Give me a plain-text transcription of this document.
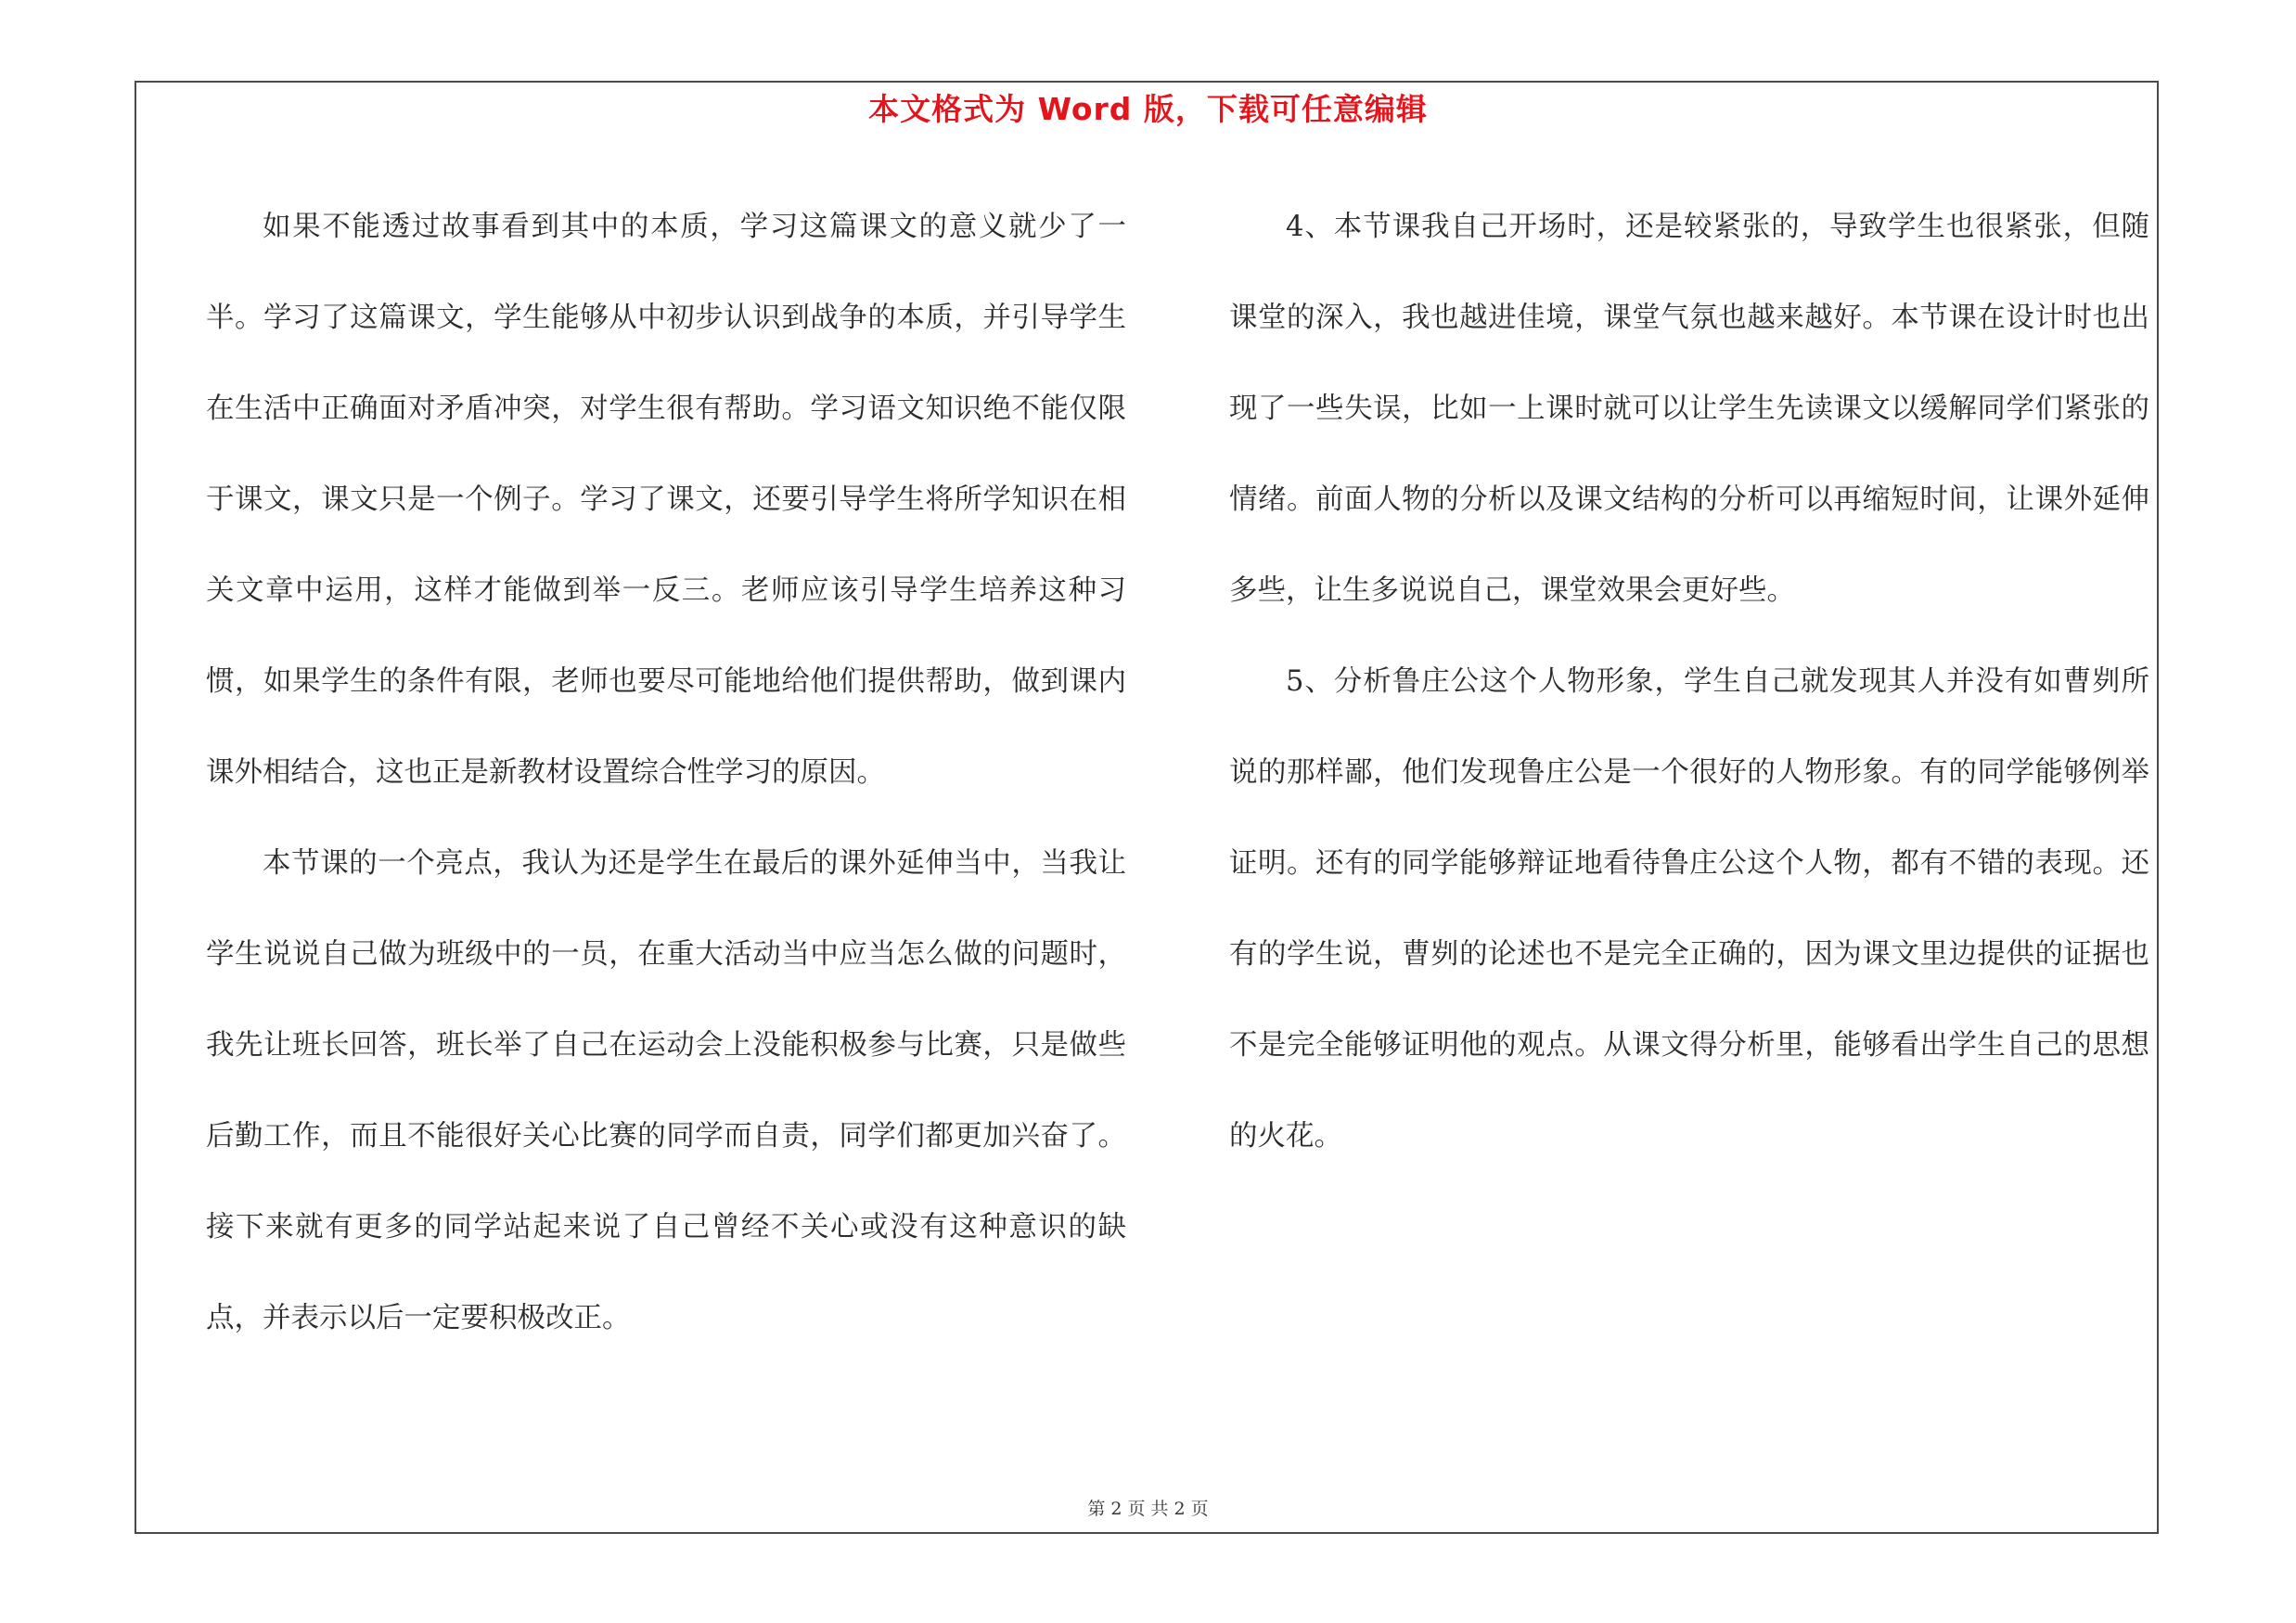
本文格式为 Word 版，下载可任意编辑

如果不能透过故事看到其中的本质，学习这篇课文的意义就少了一半。学习了这篇课文，学生能够从中初步认识到战争的本质，并引导学生在生活中正确面对矛盾冲突，对学生很有帮助。学习语文知识绝不能仅限于课文，课文只是一个例子。学习了课文，还要引导学生将所学知识在相关文章中运用，这样才能做到举一反三。老师应该引导学生培养这种习惯，如果学生的条件有限，老师也要尽可能地给他们提供帮助，做到课内课外相结合，这也正是新教材设置综合性学习的原因。

本节课的一个亮点，我认为还是学生在最后的课外延伸当中，当我让学生说说自己做为班级中的一员，在重大活动当中应当怎么做的问题时，我先让班长回答，班长举了自己在运动会上没能积极参与比赛，只是做些后勤工作，而且不能很好关心比赛的同学而自责，同学们都更加兴奋了。接下来就有更多的同学站起来说了自己曾经不关心或没有这种意识的缺点，并表示以后一定要积极改正。

4、本节课我自己开场时，还是较紧张的，导致学生也很紧张，但随课堂的深入，我也越进佳境，课堂气氛也越来越好。本节课在设计时也出现了一些失误，比如一上课时就可以让学生先读课文以缓解同学们紧张的情绪。前面人物的分析以及课文结构的分析可以再缩短时间，让课外延伸多些，让生多说说自己，课堂效果会更好些。

5、分析鲁庄公这个人物形象，学生自己就发现其人并没有如曹刿所说的那样鄙，他们发现鲁庄公是一个很好的人物形象。有的同学能够例举证明。还有的同学能够辩证地看待鲁庄公这个人物，都有不错的表现。还有的学生说，曹刿的论述也不是完全正确的，因为课文里边提供的证据也不是完全能够证明他的观点。从课文得分析里，能够看出学生自己的思想的火花。

第 2 页 共 2 页
